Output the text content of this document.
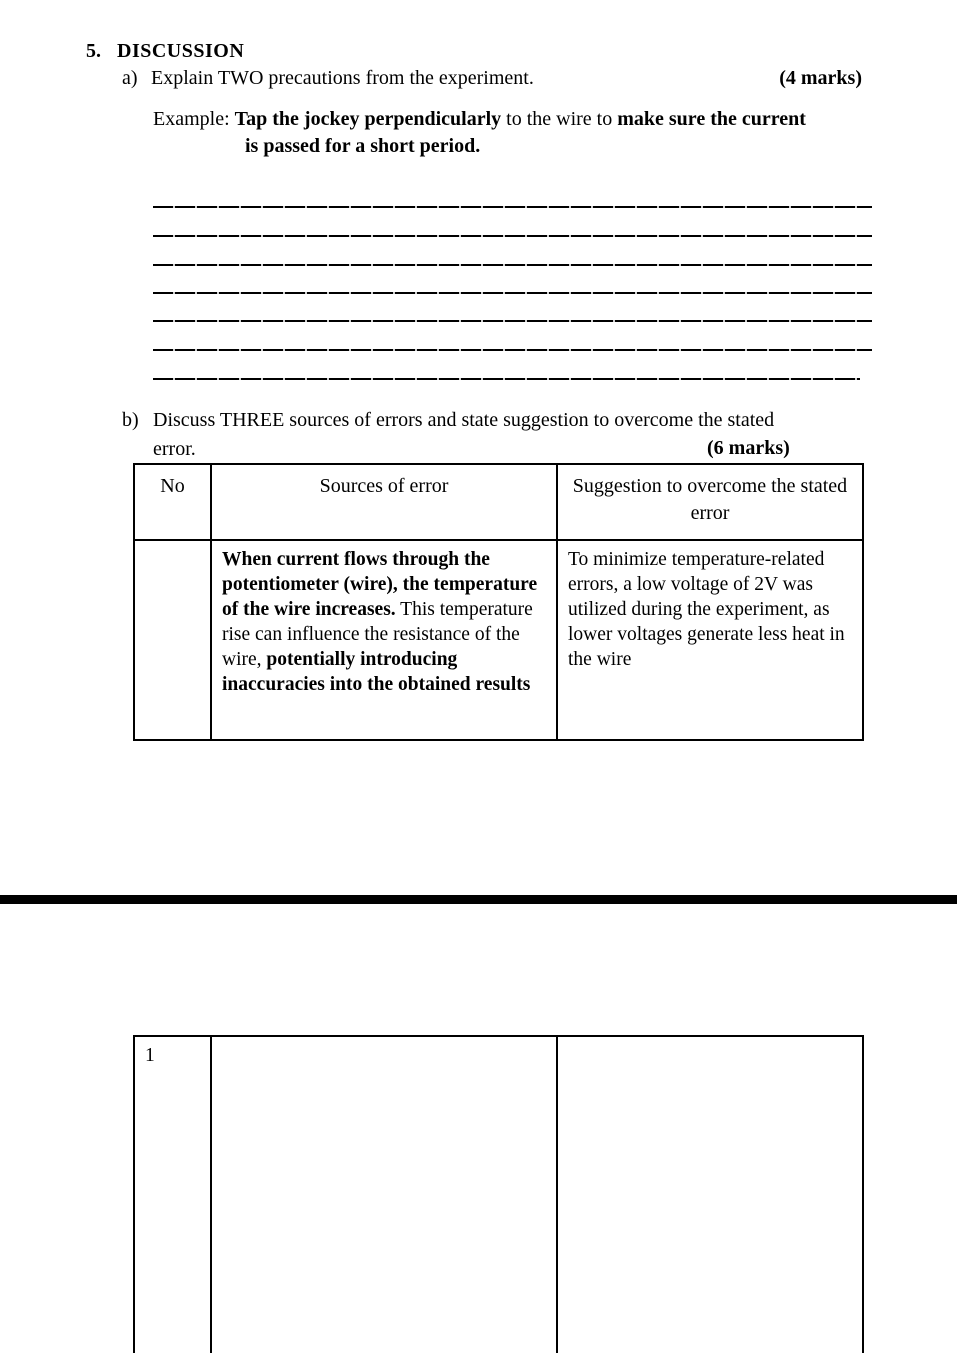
5. DISCUSSION
a) Explain TWO precautions from the experiment.	(4 marks)
Example: Tap the jockey perpendicularly to the wire to make sure the current
is passed for a short period.
b) Discuss THREE sources of errors and state suggestion to overcome the stated
error.	(6 marks)
No	Sources of error	Suggestion to overcome the stated error
	When current flows through the potentiometer (wire), the temperature of the wire increases. This temperature rise can influence the resistance of the wire, potentially introducing inaccuracies into the obtained results	To minimize temperature-related errors, a low voltage of 2V was utilized during the experiment, as lower voltages generate less heat in the wire
1		
